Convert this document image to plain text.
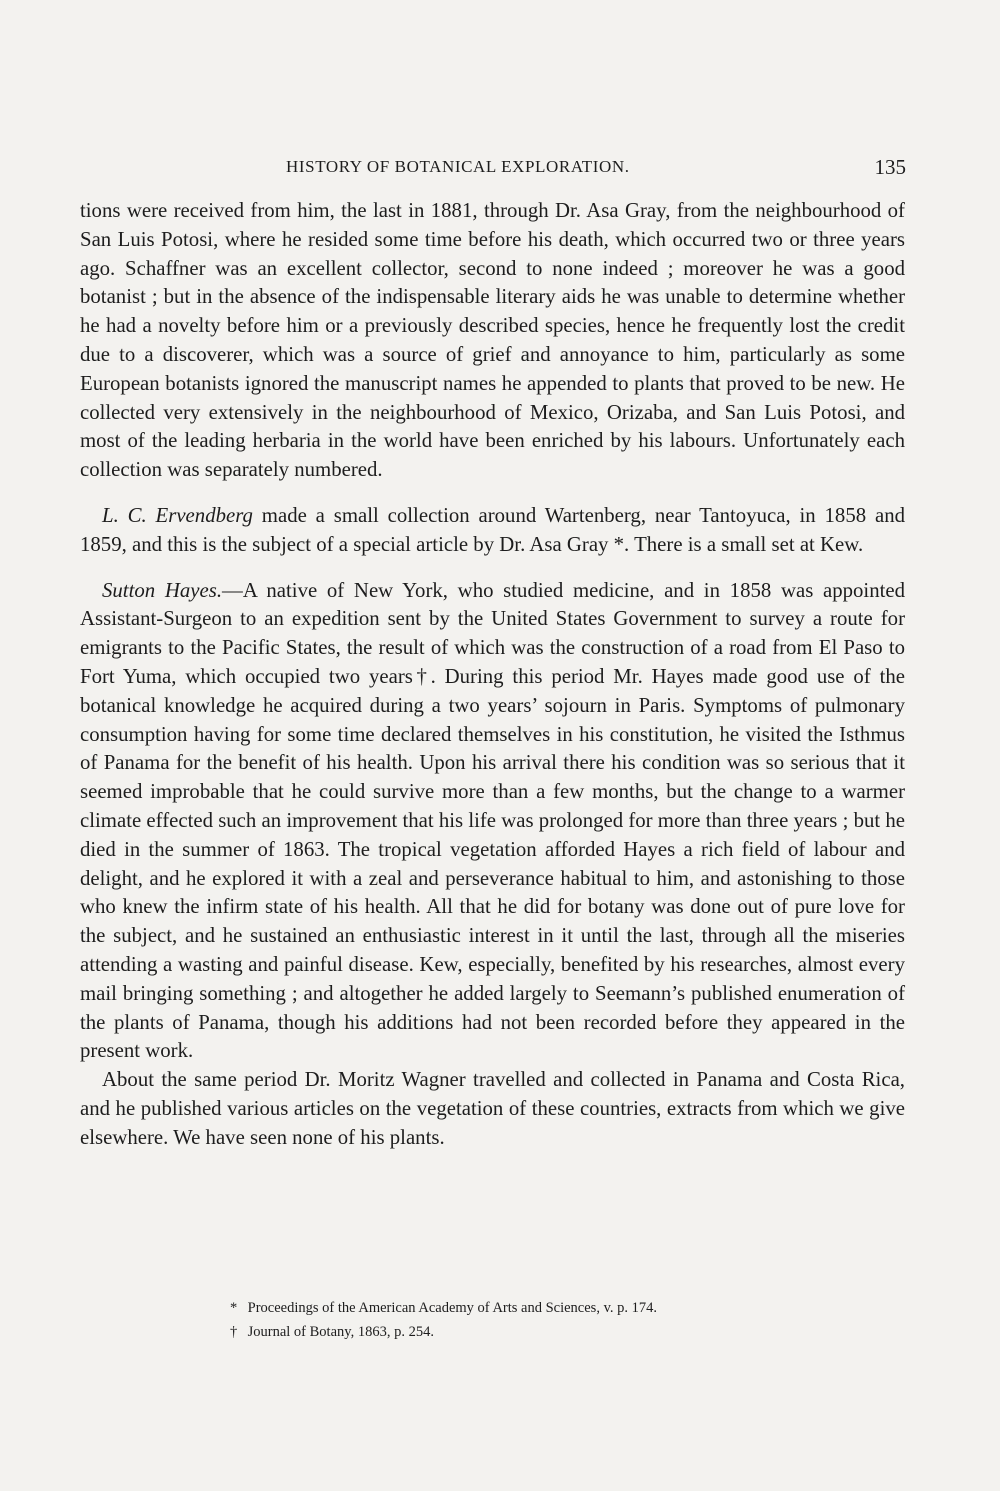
HISTORY OF BOTANICAL EXPLORATION.	135

tions were received from him, the last in 1881, through Dr. Asa Gray, from the neighbourhood of San Luis Potosi, where he resided some time before his death, which occurred two or three years ago. Schaffner was an excellent collector, second to none indeed ; moreover he was a good botanist ; but in the absence of the indispensable literary aids he was unable to determine whether he had a novelty before him or a previously described species, hence he frequently lost the credit due to a discoverer, which was a source of grief and annoyance to him, particularly as some European botanists ignored the manuscript names he appended to plants that proved to be new. He collected very extensively in the neighbourhood of Mexico, Orizaba, and San Luis Potosi, and most of the leading herbaria in the world have been enriched by his labours. Unfortunately each collection was separately numbered.

L. C. Ervendberg made a small collection around Wartenberg, near Tantoyuca, in 1858 and 1859, and this is the subject of a special article by Dr. Asa Gray *. There is a small set at Kew.

Sutton Hayes.—A native of New York, who studied medicine, and in 1858 was appointed Assistant-Surgeon to an expedition sent by the United States Government to survey a route for emigrants to the Pacific States, the result of which was the construction of a road from El Paso to Fort Yuma, which occupied two years†. During this period Mr. Hayes made good use of the botanical knowledge he acquired during a two years’ sojourn in Paris. Symptoms of pulmonary consumption having for some time declared themselves in his constitution, he visited the Isthmus of Panama for the benefit of his health. Upon his arrival there his condition was so serious that it seemed improbable that he could survive more than a few months, but the change to a warmer climate effected such an improvement that his life was prolonged for more than three years ; but he died in the summer of 1863. The tropical vegetation afforded Hayes a rich field of labour and delight, and he explored it with a zeal and perseverance habitual to him, and astonishing to those who knew the infirm state of his health. All that he did for botany was done out of pure love for the subject, and he sustained an enthusiastic interest in it until the last, through all the miseries attending a wasting and painful disease. Kew, especially, benefited by his researches, almost every mail bringing something ; and altogether he added largely to Seemann’s published enumeration of the plants of Panama, though his additions had not been recorded before they appeared in the present work.

About the same period Dr. Moritz Wagner travelled and collected in Panama and Costa Rica, and he published various articles on the vegetation of these countries, extracts from which we give elsewhere. We have seen none of his plants.

* Proceedings of the American Academy of Arts and Sciences, v. p. 174.

† Journal of Botany, 1863, p. 254.
